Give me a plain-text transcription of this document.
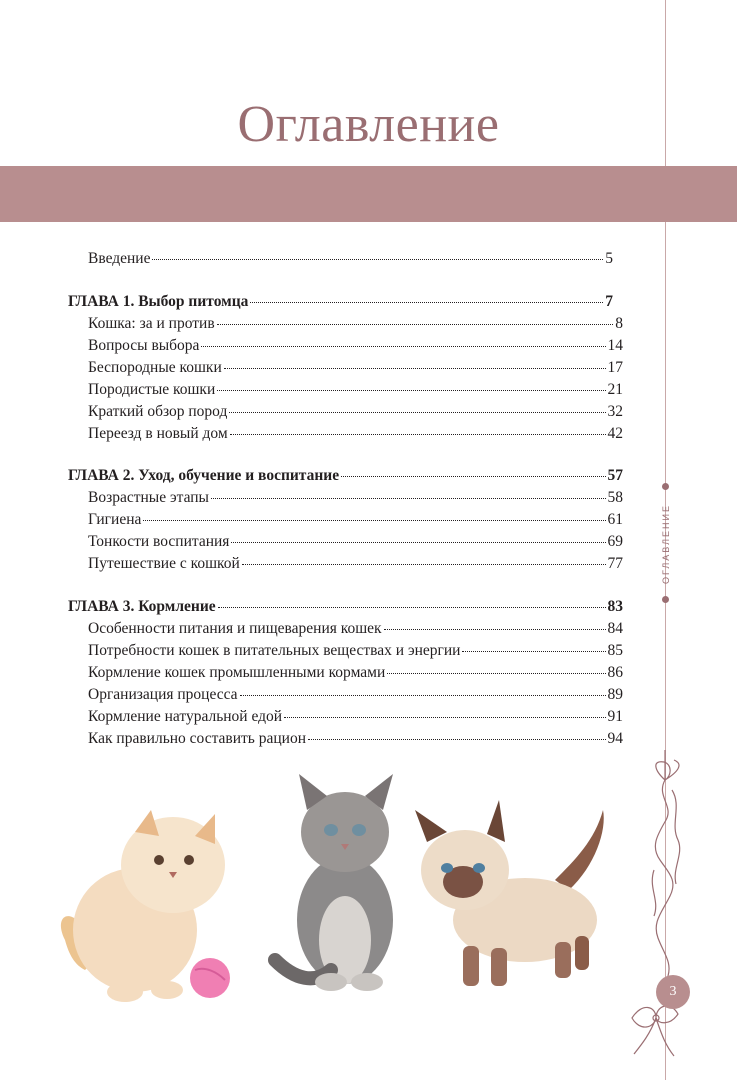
Оглавление
Введение	5
ГЛАВА 1. Выбор питомца	7
Кошка: за и против	8
Вопросы выбора	14
Беспородные кошки	17
Породистые кошки	21
Краткий обзор пород	32
Переезд в новый дом	42
ГЛАВА 2. Уход, обучение и воспитание	57
Возрастные этапы	58
Гигиена	61
Тонкости воспитания	69
Путешествие с кошкой	77
ГЛАВА 3. Кормление	83
Особенности питания и пищеварения кошек	84
Потребности кошек в питательных веществах и энергии	85
Кормление кошек промышленными кормами	86
Организация процесса	89
Кормление натуральной едой	91
Как правильно составить рацион	94
ОГЛАВЛЕНИЕ
3
